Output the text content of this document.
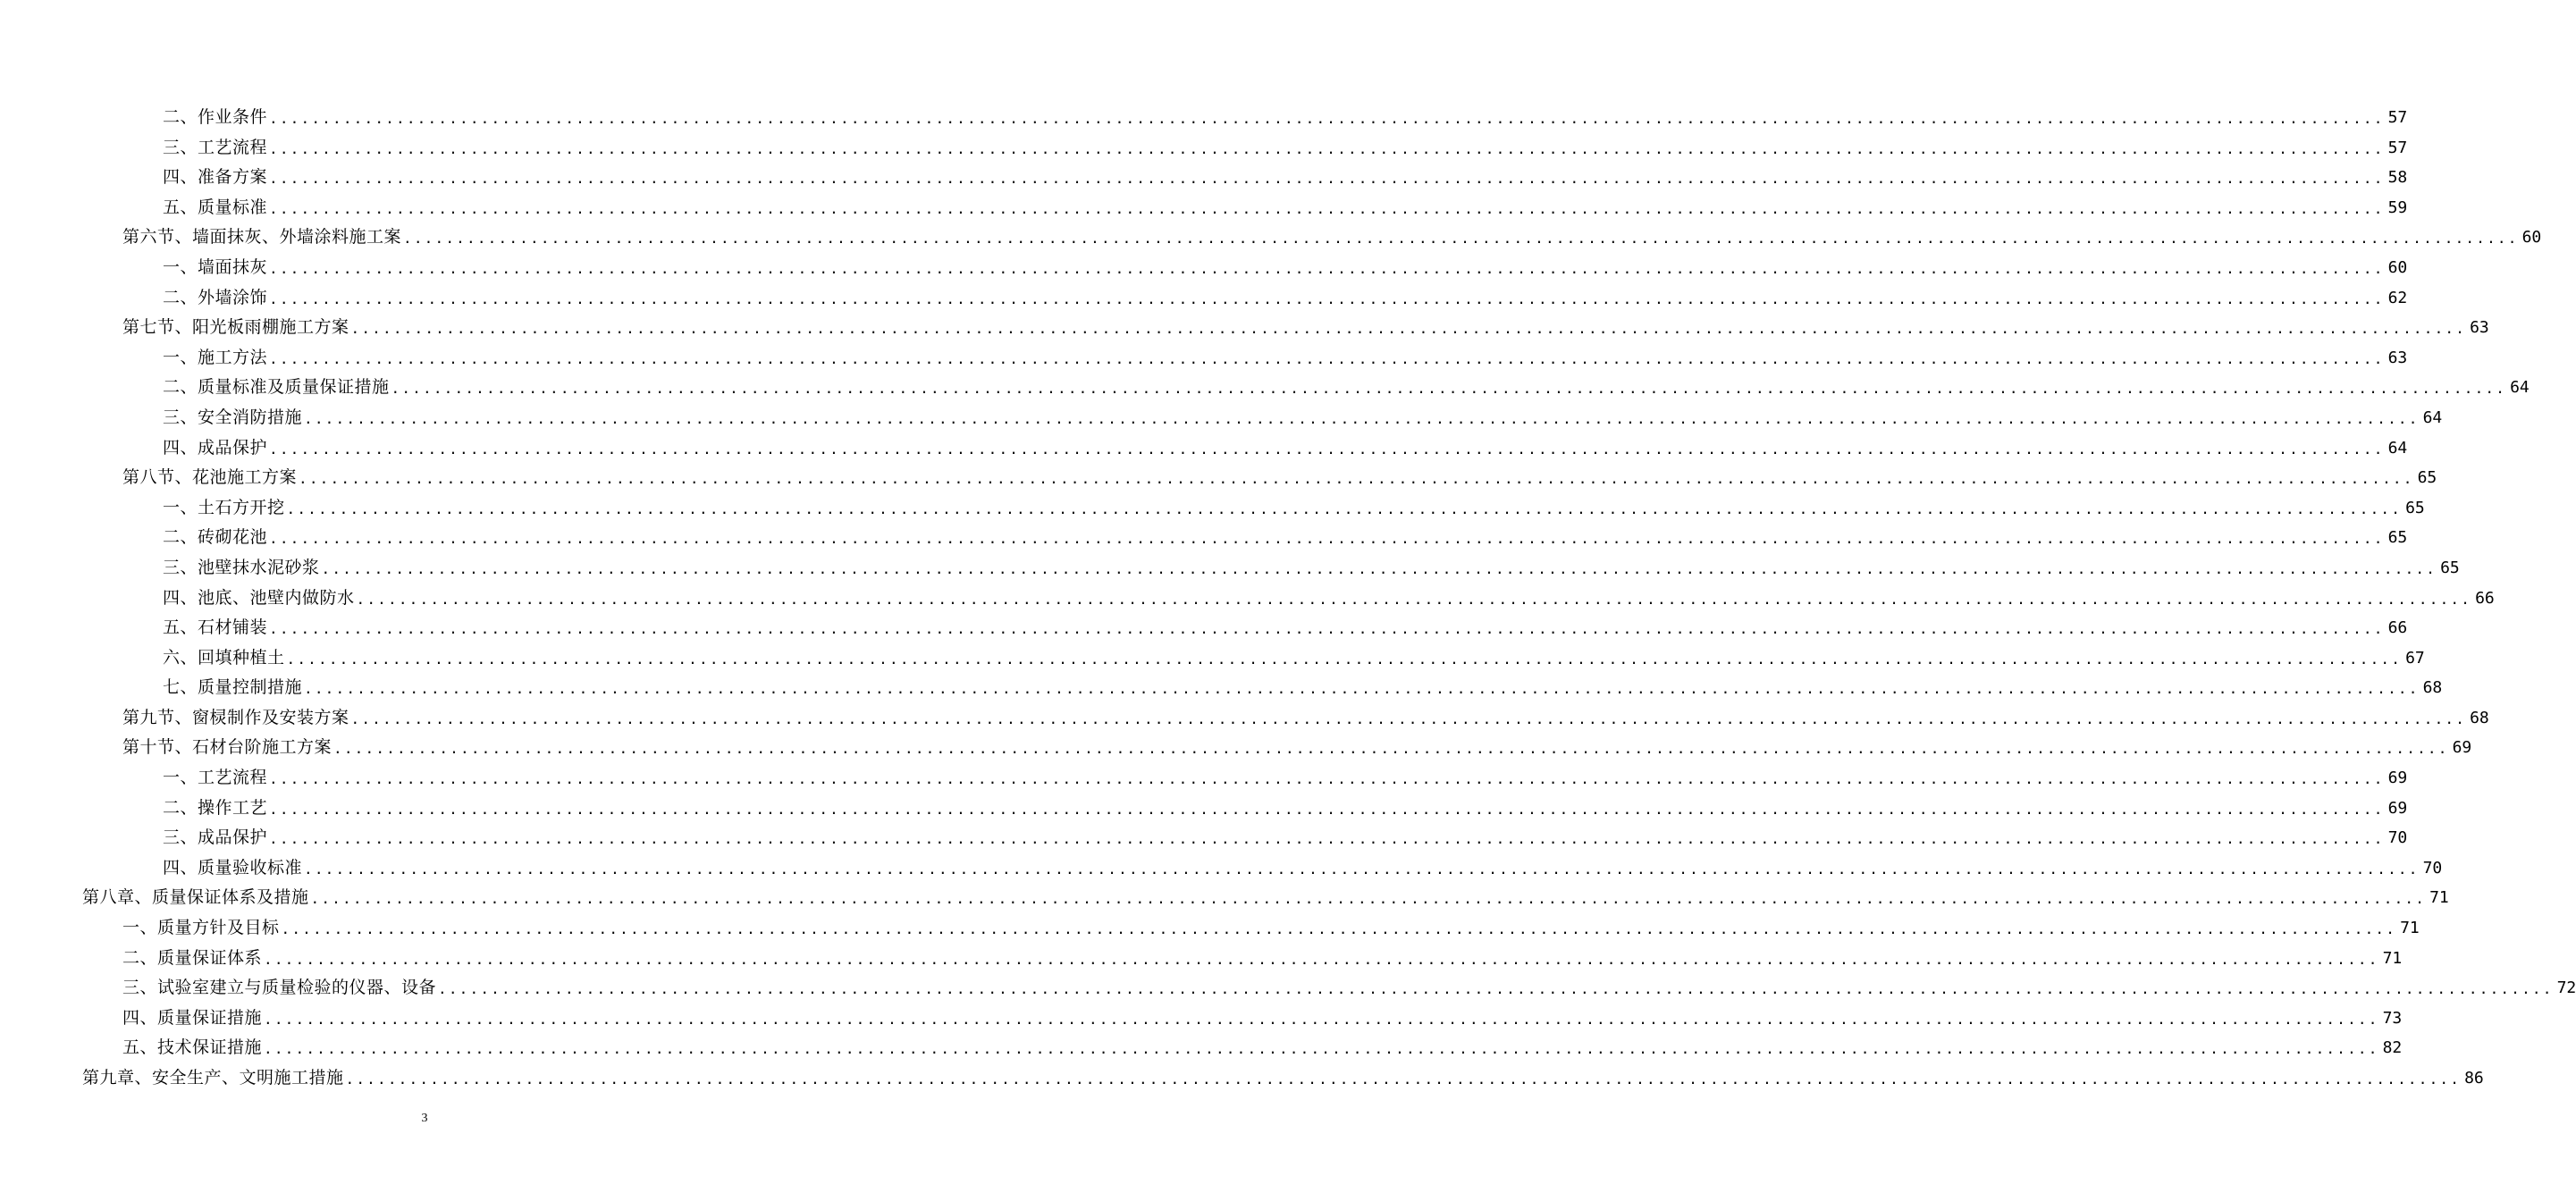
二、作业条件 ........................................................................................................................................................................................................ 57
三、工艺流程 ........................................................................................................................................................................................................ 57
四、准备方案 ........................................................................................................................................................................................................ 58
五、质量标准 ........................................................................................................................................................................................................ 59
第六节、墙面抹灰、外墙涂料施工案 ........................................................................................................................................................................................................ 60
一、墙面抹灰 ........................................................................................................................................................................................................ 60
二、外墙涂饰 ........................................................................................................................................................................................................ 62
第七节、阳光板雨棚施工方案 ........................................................................................................................................................................................................ 63
一、施工方法 ........................................................................................................................................................................................................ 63
二、质量标准及质量保证措施 ........................................................................................................................................................................................................ 64
三、安全消防措施 ........................................................................................................................................................................................................ 64
四、成品保护 ........................................................................................................................................................................................................ 64
第八节、花池施工方案 ........................................................................................................................................................................................................ 65
一、土石方开挖 ........................................................................................................................................................................................................ 65
二、砖砌花池 ........................................................................................................................................................................................................ 65
三、池壁抹水泥砂浆 ........................................................................................................................................................................................................ 65
四、池底、池壁内做防水 ........................................................................................................................................................................................................ 66
五、石材铺装 ........................................................................................................................................................................................................ 66
六、回填种植土 ........................................................................................................................................................................................................ 67
七、质量控制措施 ........................................................................................................................................................................................................ 68
第九节、窗棂制作及安装方案 ........................................................................................................................................................................................................ 68
第十节、石材台阶施工方案 ........................................................................................................................................................................................................ 69
一、工艺流程 ........................................................................................................................................................................................................ 69
二、操作工艺 ........................................................................................................................................................................................................ 69
三、成品保护 ........................................................................................................................................................................................................ 70
四、质量验收标准 ........................................................................................................................................................................................................ 70
第八章、质量保证体系及措施 ........................................................................................................................................................................................................ 71
一、质量方针及目标 ........................................................................................................................................................................................................ 71
二、质量保证体系 ........................................................................................................................................................................................................ 71
三、试验室建立与质量检验的仪器、设备 ........................................................................................................................................................................................................ 72
四、质量保证措施 ........................................................................................................................................................................................................ 73
五、技术保证措施 ........................................................................................................................................................................................................ 82
第九章、安全生产、文明施工措施 ........................................................................................................................................................................................................ 86
3
